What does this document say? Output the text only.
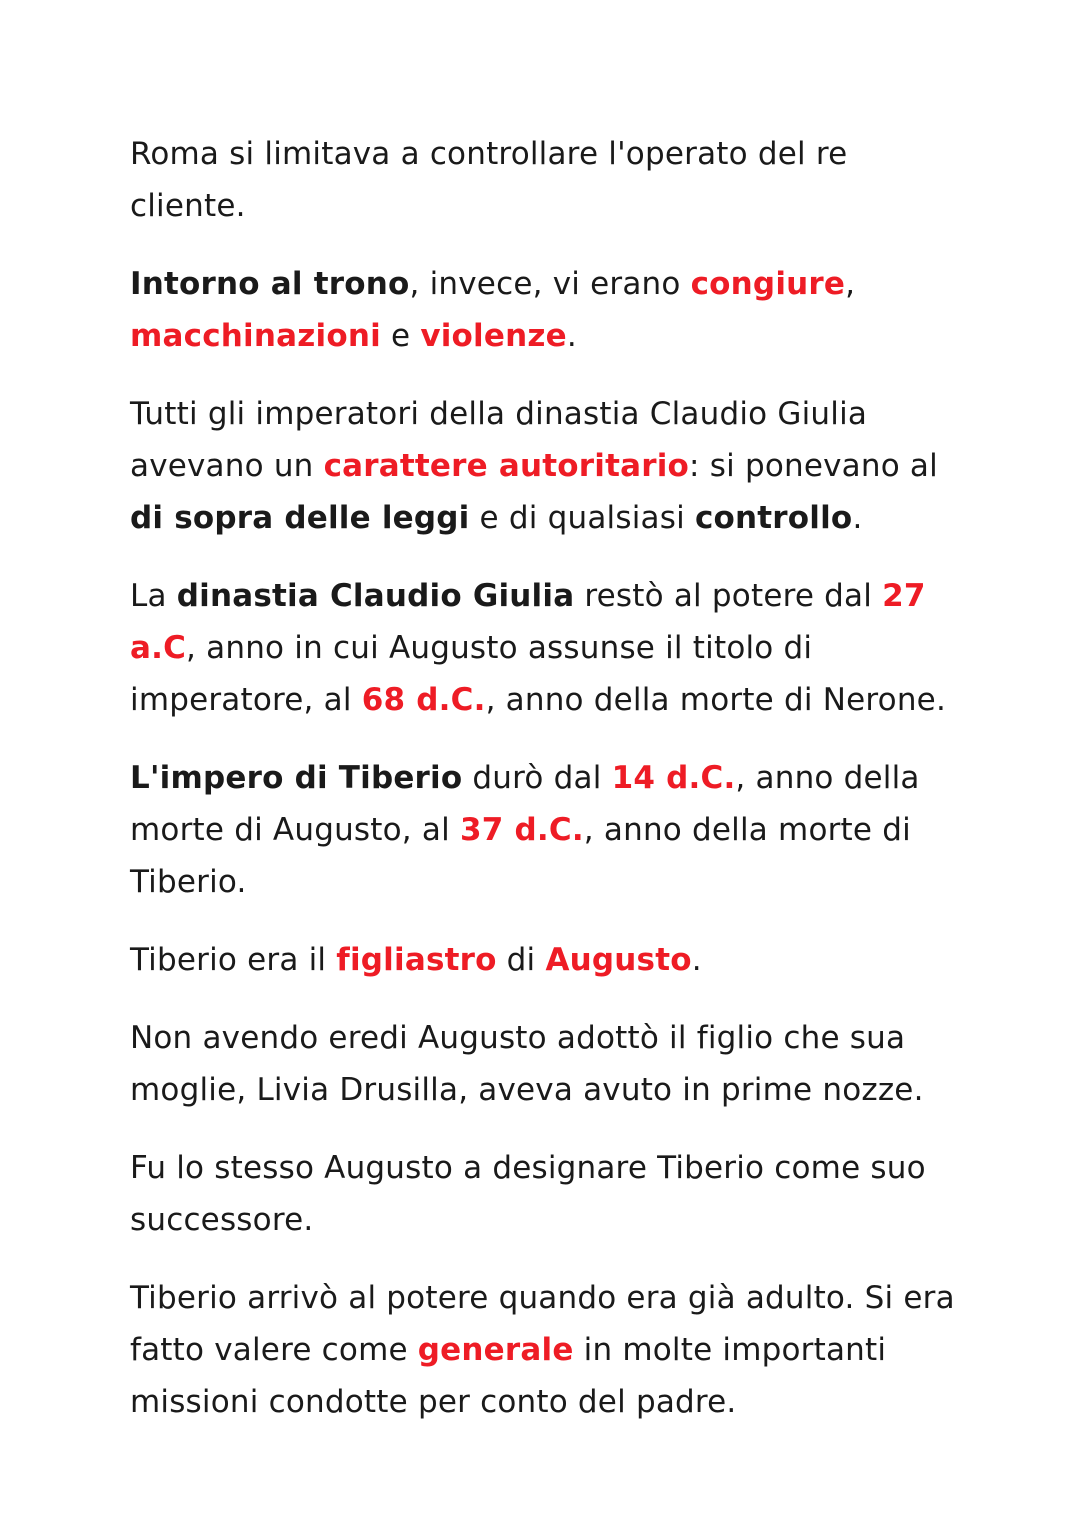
Roma si limitava a controllare l'operato del re cliente.

Intorno al trono, invece, vi erano congiure,
macchinazioni e violenze.

Tutti gli imperatori della dinastia Claudio Giulia avevano un carattere autoritario: si ponevano al di sopra delle leggi e di qualsiasi controllo.

La dinastia Claudio Giulia restò al potere dal 27 a.C, anno in cui Augusto assunse il titolo di imperatore, al 68 d.C., anno della morte di Nerone.

L'impero di Tiberio durò dal 14 d.C., anno della morte di Augusto, al 37 d.C., anno della morte di Tiberio.

Tiberio era il figliastro di Augusto.

Non avendo eredi Augusto adottò il figlio che sua moglie, Livia Drusilla, aveva avuto in prime nozze.

Fu lo stesso Augusto a designare Tiberio come suo successore.

Tiberio arrivò al potere quando era già adulto. Si era fatto valere come generale in molte importanti missioni condotte per conto del padre.
